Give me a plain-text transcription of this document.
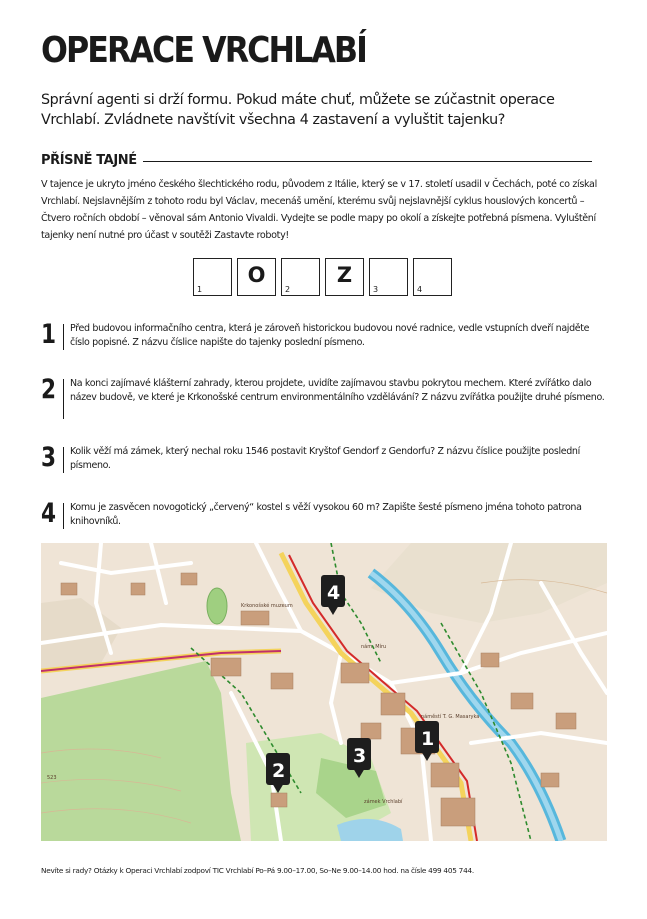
OPERACE VRCHLABÍ

Správní agenti si drží formu. Pokud máte chuť, můžete se zúčastnit operace Vrchlabí. Zvládnete navštívit všechna 4 zastavení a vyluštit tajenku?

PŘÍSNĚ TAJNÉ

V tajence je ukryto jméno českého šlechtického rodu, původem z Itálie, který se v 17. století usadil v Čechách, poté co získal Vrchlabí. Nejslavnějším z tohoto rodu byl Václav, mecenáš umění, kterému svůj nejslavnější cyklus houslových koncertů – Čtvero ročních období – věnoval sám Antonio Vivaldi. Vydejte se podle mapy po okolí a získejte potřebná písmena. Vyluštění tajenky není nutné pro účast v soutěži Zastavte roboty!

1
O
2
Z
3	4
1 Před budovou informačního centra, která je zároveň historickou budovou nové radnice, vedle vstupních dveří najděte číslo popisné. Z názvu číslice napište do tajenky poslední písmeno.

2 Na konci zajímavé klášterní zahrady, kterou projdete, uvidíte zajímavou stavbu pokrytou mechem. Které zvířátko dalo název budově, ve které je Krkonošské centrum environmentálního vzdělávání? Z názvu zvířátka použijte druhé písmeno.

3 Kolik věží má zámek, který nechal roku 1546 postavit Kryštof Gendorf z Gendorfu? Z názvu číslice použijte poslední písmeno.

4 Komu je zasvěcen novogotický „červený“ kostel s věží vysokou 60 m? Zapište šesté písmeno jména tohoto patrona knihovníků.

nám. Míru
náměstí T. G. Masaryka
Krkonošské muzeum
zámek Vrchlabí
523
1
2
3
4

Nevíte si rady? Otázky k Operaci Vrchlabí zodpoví TIC Vrchlabí Po–Pá 9.00–17.00, So–Ne 9.00–14.00 hod. na čísle 499 405 744.
